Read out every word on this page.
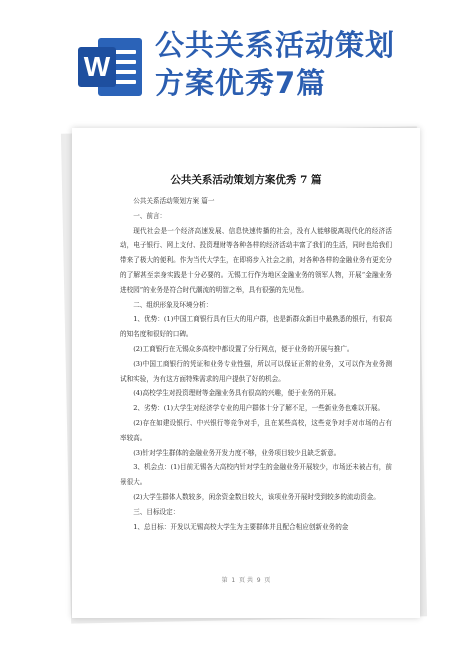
W
公共关系活动策划
方案优秀7篇
公共关系活动策划方案优秀 7 篇

公共关系活动策划方案 篇一

一、前言：

现代社会是一个经济高速发展、信息快速传播的社会，没有人能够脱离现代化的经济活动，电子银行、网上支付、投资理财等各种各样的经济活动丰富了我们的生活，同时也给我们带来了极大的便利。作为当代大学生，在即将步入社会之前，对各种各样的金融业务有更充分的了解甚至亲身实践是十分必要的。无锡工行作为地区金融业务的领军人物，开展“金融业务进校园”的业务是符合时代潮流的明智之举，具有很强的先见性。

二、组织形象及环境分析：

1、优势：(1)中国工商银行具有巨大的用户群，也是新群众新目中最熟悉的银行，有很高的知名度和很好的口碑。

(2)工商银行在无锡众多高校中都设置了分行网点，便于业务的开展与推广。

(3)中国工商银行的凭证和业务专业性强，所以可以保证正常的业务，又可以作为业务测试和实验，为有这方面特殊需求的用户提供了好的机会。

(4)高校学生对投资理财等金融业务具有很高的兴趣，便于业务的开展。

2、劣势：(1)大学生对经济学专业的用户群体十分了解不足，一些新业务也难以开展。

(2)存在如建设银行、中兴银行等竞争对手，且在某些高校，这些竞争对手对市场的占有率较高。

(3)针对学生群体的金融业务开发力度不够，业务项目较少且缺乏新意。

3、机会点：(1)目前无锡各大高校内针对学生的金融业务开展较少，市场还未被占有，前景很大。

(2)大学生群体人数较多，闲余资金数目较大，该项业务开展时受到较多的流动资金。

三、目标设定：

1、总目标：开发以无锡高校大学生为主要群体并且配合相应创新业务的金

第  1  页 共  9  页
